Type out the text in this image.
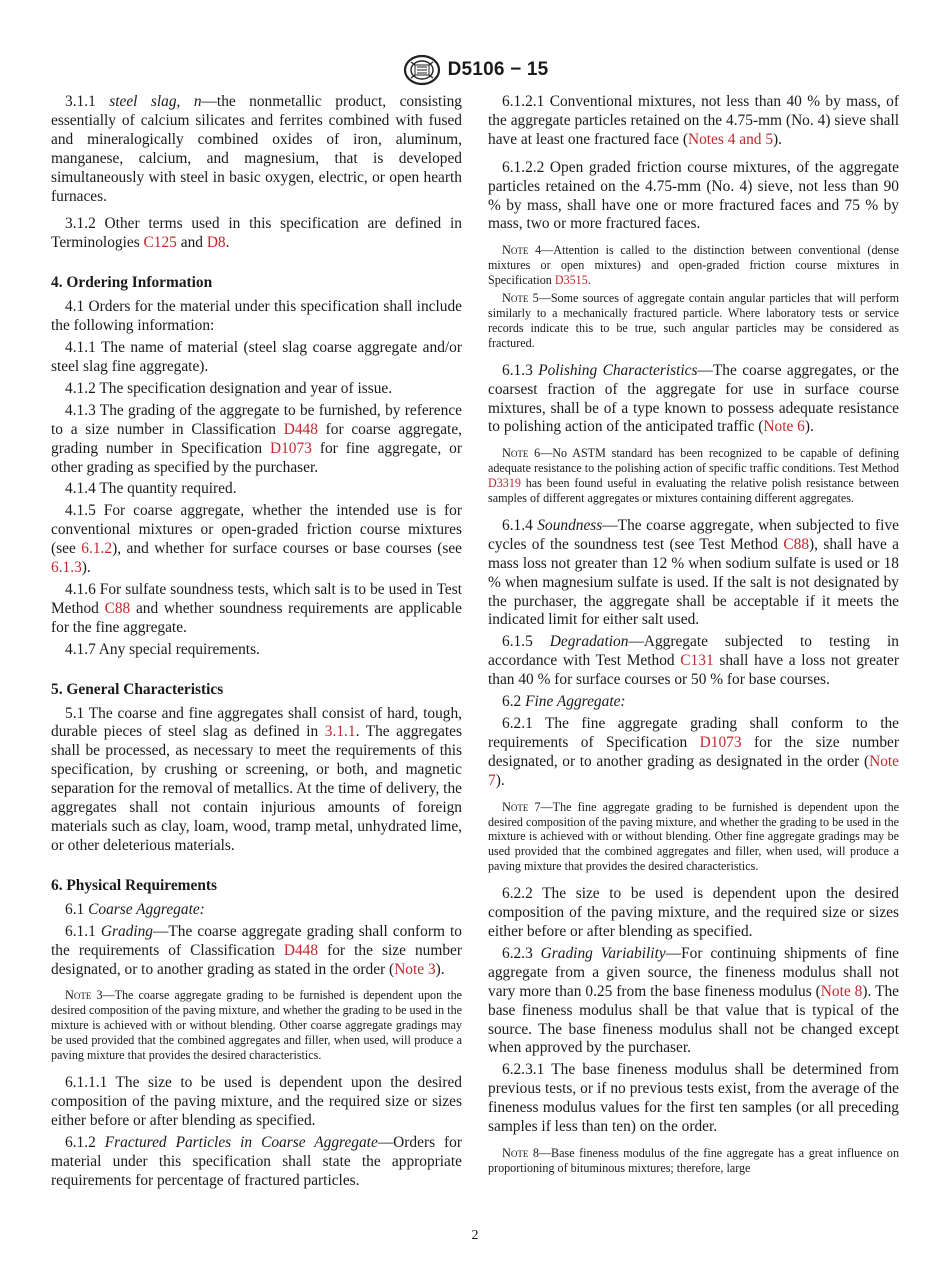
D5106 − 15

3.1.1 steel slag, n—the nonmetallic product, consisting essentially of calcium silicates and ferrites combined with fused and mineralogically combined oxides of iron, aluminum, manganese, calcium, and magnesium, that is developed simultaneously with steel in basic oxygen, electric, or open hearth furnaces.

3.1.2 Other terms used in this specification are defined in Terminologies C125 and D8.

4. Ordering Information

4.1 Orders for the material under this specification shall include the following information:

4.1.1 The name of material (steel slag coarse aggregate and/or steel slag fine aggregate).

4.1.2 The specification designation and year of issue.

4.1.3 The grading of the aggregate to be furnished, by reference to a size number in Classification D448 for coarse aggregate, grading number in Specification D1073 for fine aggregate, or other grading as specified by the purchaser.

4.1.4 The quantity required.

4.1.5 For coarse aggregate, whether the intended use is for conventional mixtures or open-graded friction course mixtures (see 6.1.2), and whether for surface courses or base courses (see 6.1.3).

4.1.6 For sulfate soundness tests, which salt is to be used in Test Method C88 and whether soundness requirements are applicable for the fine aggregate.

4.1.7 Any special requirements.

5. General Characteristics

5.1 The coarse and fine aggregates shall consist of hard, tough, durable pieces of steel slag as defined in 3.1.1. The aggregates shall be processed, as necessary to meet the requirements of this specification, by crushing or screening, or both, and magnetic separation for the removal of metallics. At the time of delivery, the aggregates shall not contain injurious amounts of foreign materials such as clay, loam, wood, tramp metal, unhydrated lime, or other deleterious materials.

6. Physical Requirements

6.1 Coarse Aggregate:

6.1.1 Grading—The coarse aggregate grading shall conform to the requirements of Classification D448 for the size number designated, or to another grading as stated in the order (Note 3).

Note 3—The coarse aggregate grading to be furnished is dependent upon the desired composition of the paving mixture, and whether the grading to be used in the mixture is achieved with or without blending. Other coarse aggregate gradings may be used provided that the combined aggregates and filler, when used, will produce a paving mixture that provides the desired characteristics.

6.1.1.1 The size to be used is dependent upon the desired composition of the paving mixture, and the required size or sizes either before or after blending as specified.

6.1.2 Fractured Particles in Coarse Aggregate—Orders for material under this specification shall state the appropriate requirements for percentage of fractured particles.

6.1.2.1 Conventional mixtures, not less than 40 % by mass, of the aggregate particles retained on the 4.75-mm (No. 4) sieve shall have at least one fractured face (Notes 4 and 5).

6.1.2.2 Open graded friction course mixtures, of the aggregate particles retained on the 4.75-mm (No. 4) sieve, not less than 90 % by mass, shall have one or more fractured faces and 75 % by mass, two or more fractured faces.

Note 4—Attention is called to the distinction between conventional (dense mixtures or open mixtures) and open-graded friction course mixtures in Specification D3515.

Note 5—Some sources of aggregate contain angular particles that will perform similarly to a mechanically fractured particle. Where laboratory tests or service records indicate this to be true, such angular particles may be considered as fractured.

6.1.3 Polishing Characteristics—The coarse aggregates, or the coarsest fraction of the aggregate for use in surface course mixtures, shall be of a type known to possess adequate resistance to polishing action of the anticipated traffic (Note 6).

Note 6—No ASTM standard has been recognized to be capable of defining adequate resistance to the polishing action of specific traffic conditions. Test Method D3319 has been found useful in evaluating the relative polish resistance between samples of different aggregates or mixtures containing different aggregates.

6.1.4 Soundness—The coarse aggregate, when subjected to five cycles of the soundness test (see Test Method C88), shall have a mass loss not greater than 12 % when sodium sulfate is used or 18 % when magnesium sulfate is used. If the salt is not designated by the purchaser, the aggregate shall be acceptable if it meets the indicated limit for either salt used.

6.1.5 Degradation—Aggregate subjected to testing in accordance with Test Method C131 shall have a loss not greater than 40 % for surface courses or 50 % for base courses.

6.2 Fine Aggregate:

6.2.1 The fine aggregate grading shall conform to the requirements of Specification D1073 for the size number designated, or to another grading as designated in the order (Note 7).

Note 7—The fine aggregate grading to be furnished is dependent upon the desired composition of the paving mixture, and whether the grading to be used in the mixture is achieved with or without blending. Other fine aggregate gradings may be used provided that the combined aggregates and filler, when used, will produce a paving mixture that provides the desired characteristics.

6.2.2 The size to be used is dependent upon the desired composition of the paving mixture, and the required size or sizes either before or after blending as specified.

6.2.3 Grading Variability—For continuing shipments of fine aggregate from a given source, the fineness modulus shall not vary more than 0.25 from the base fineness modulus (Note 8). The base fineness modulus shall be that value that is typical of the source. The base fineness modulus shall not be changed except when approved by the purchaser.

6.2.3.1 The base fineness modulus shall be determined from previous tests, or if no previous tests exist, from the average of the fineness modulus values for the first ten samples (or all preceding samples if less than ten) on the order.

Note 8—Base fineness modulus of the fine aggregate has a great influence on proportioning of bituminous mixtures; therefore, large

2
